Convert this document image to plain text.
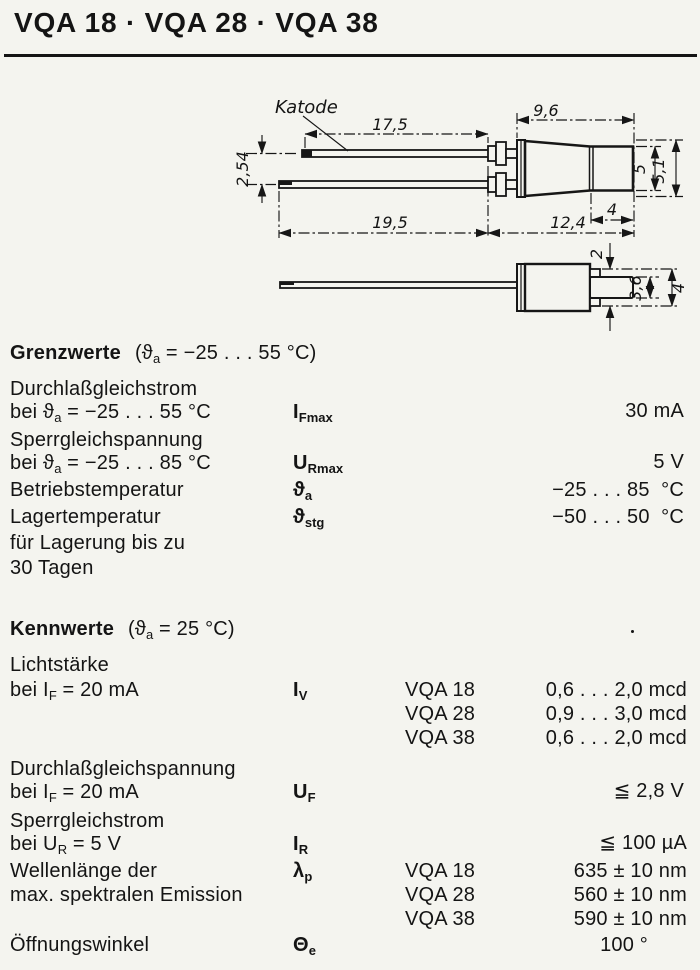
VQA 18 · VQA 28 · VQA 38
Katode
17,5
9,6
2,54
19,5	12,4
4
5 5,1
2
3,6 4
Grenzwerte ($ϑ_a = -25$ . . . 55 °C)
Durchlaßgleichstrom
bei $ϑ_a = -25$ . . . 55 °C	$I_{Fmax}$	30 mA
Sperrgleichspannung
bei $ϑ_a = -25$ . . . 85 °C	$U_{Rmax}$	5 V
Betriebstemperatur	$ϑ_a$	−25 . . . 85  °C
Lagertemperatur	$ϑ_{stg}$	−50 . . . 50  °C
für Lagerung bis zu
30 Tagen
Kennwerte ($ϑ_a = 25$ °C)
Lichtstärke
bei $I_F = 20$ mA	$I_V$	VQA 18	0,6 . . . 2,0 mcd
VQA 28	0,9 . . . 3,0 mcd
VQA 38	0,6 . . . 2,0 mcd
Durchlaßgleichspannung
bei $I_F = 20$ mA	$U_F$	≦ 2,8 V
Sperrgleichstrom
bei $U_R = 5$ V	$I_R$	≦ 100 µA
Wellenlänge der
max. spektralen Emission
$\lambda_p$	VQA 18	635 ± 10 nm
VQA 28	560 ± 10 nm
VQA 38	590 ± 10 nm
Öffnungswinkel	$\Theta_e$	100 °
